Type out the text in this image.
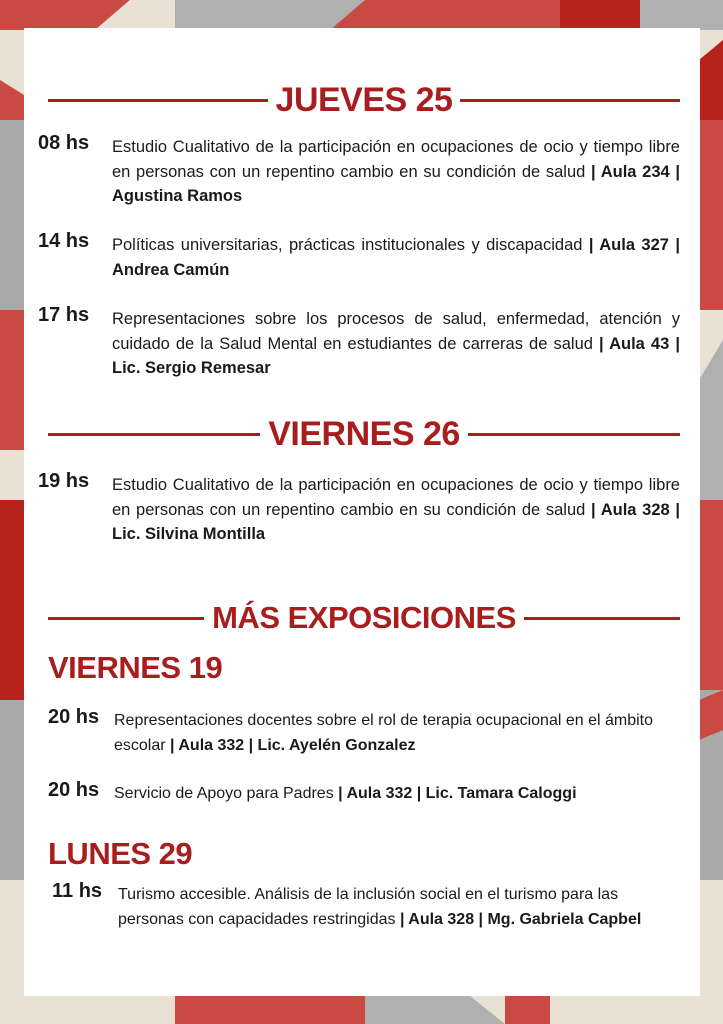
JUEVES 25
08 hs Estudio Cualitativo de la participación en ocupaciones de ocio y tiempo libre en personas con un repentino cambio en su condición de salud | Aula 234 | Agustina Ramos

14 hs Políticas universitarias, prácticas institucionales y discapacidad | Aula 327 | Andrea Camún

17 hs Representaciones sobre los procesos de salud, enfermedad, atención y cuidado de la Salud Mental en estudiantes de carreras de salud | Aula 43 | Lic. Sergio Remesar

VIERNES 26
19 hs Estudio Cualitativo de la participación en ocupaciones de ocio y tiempo libre en personas con un repentino cambio en su condición de salud | Aula 328 | Lic. Silvina Montilla

MÁS EXPOSICIONES
VIERNES 19
20 hs Representaciones docentes sobre el rol de terapia ocupacional en el ámbito escolar | Aula 332 | Lic. Ayelén Gonzalez

20 hs Servicio de Apoyo para Padres | Aula 332 | Lic. Tamara Caloggi

LUNES 29
11 hs Turismo accesible. Análisis de la inclusión social en el turismo para las personas con capacidades restringidas | Aula 328 | Mg. Gabriela Capbel
